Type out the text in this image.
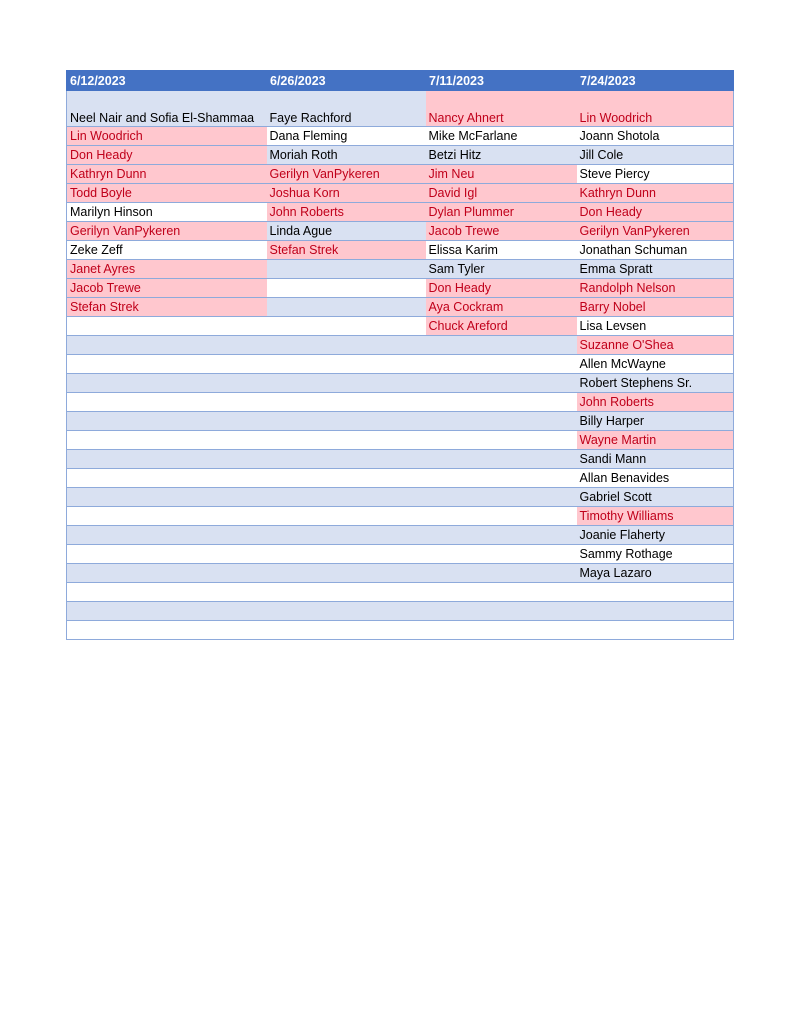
6/12/2023	6/26/2023	7/11/2023	7/24/2023
Neel Nair and Sofia El-Shammaa	Faye Rachford	Nancy Ahnert	Lin Woodrich
Lin Woodrich	Dana Fleming	Mike McFarlane	Joann Shotola
Don Heady	Moriah Roth	Betzi Hitz	Jill Cole
Kathryn Dunn	Gerilyn VanPykeren	Jim Neu	Steve Piercy
Todd Boyle	Joshua Korn	David Igl	Kathryn Dunn
Marilyn Hinson	John Roberts	Dylan Plummer	Don Heady
Gerilyn VanPykeren	Linda Ague	Jacob Trewe	Gerilyn VanPykeren
Zeke Zeff	Stefan Strek	Elissa Karim	Jonathan Schuman
Janet Ayres		Sam Tyler	Emma Spratt
Jacob Trewe		Don Heady	Randolph Nelson
Stefan Strek		Aya Cockram	Barry Nobel
		Chuck Areford	Lisa Levsen
			Suzanne O'Shea
			Allen McWayne
			Robert Stephens Sr.
			John Roberts
			Billy Harper
			Wayne Martin
			Sandi Mann
			Allan Benavides
			Gabriel Scott
			Timothy Williams
			Joanie Flaherty
			Sammy Rothage
			Maya Lazaro
